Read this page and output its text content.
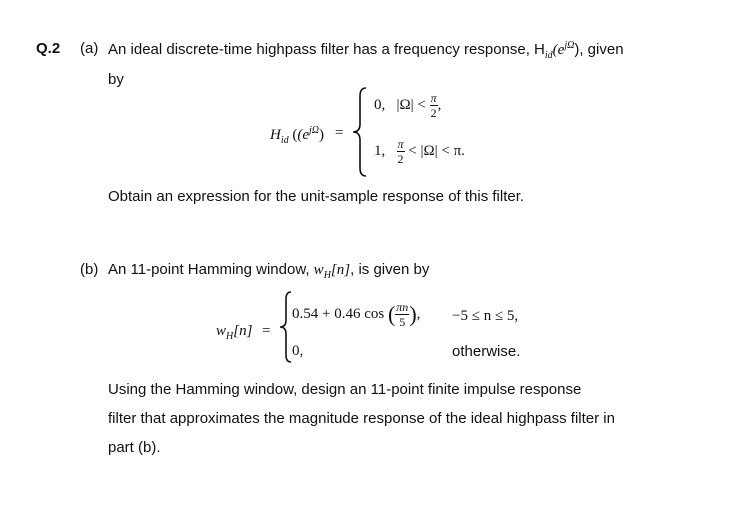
Q.2 (a) An ideal discrete-time highpass filter has a frequency response, $H_{id}(e^{j\Omega})$, given
by
$H_{id}$ ($(e^{j\Omega})$ =
0, $|\Omega| < \frac{\pi}{2}$ ,
1, $\frac{\pi}{2} < |\Omega| < \pi$.
Obtain an expression for the unit-sample response of this filter.
(b) An 11-point Hamming window, $w_H[n]$, is given by
$w_H[n]$ =
0.54 + 0.46 cos ( $\frac{\pi n}{5}$ ), −5 ≤ n ≤ 5,
0,	otherwise.
Using the Hamming window, design an 11-point finite impulse response
filter that approximates the magnitude response of the ideal highpass filter in
part (b).
